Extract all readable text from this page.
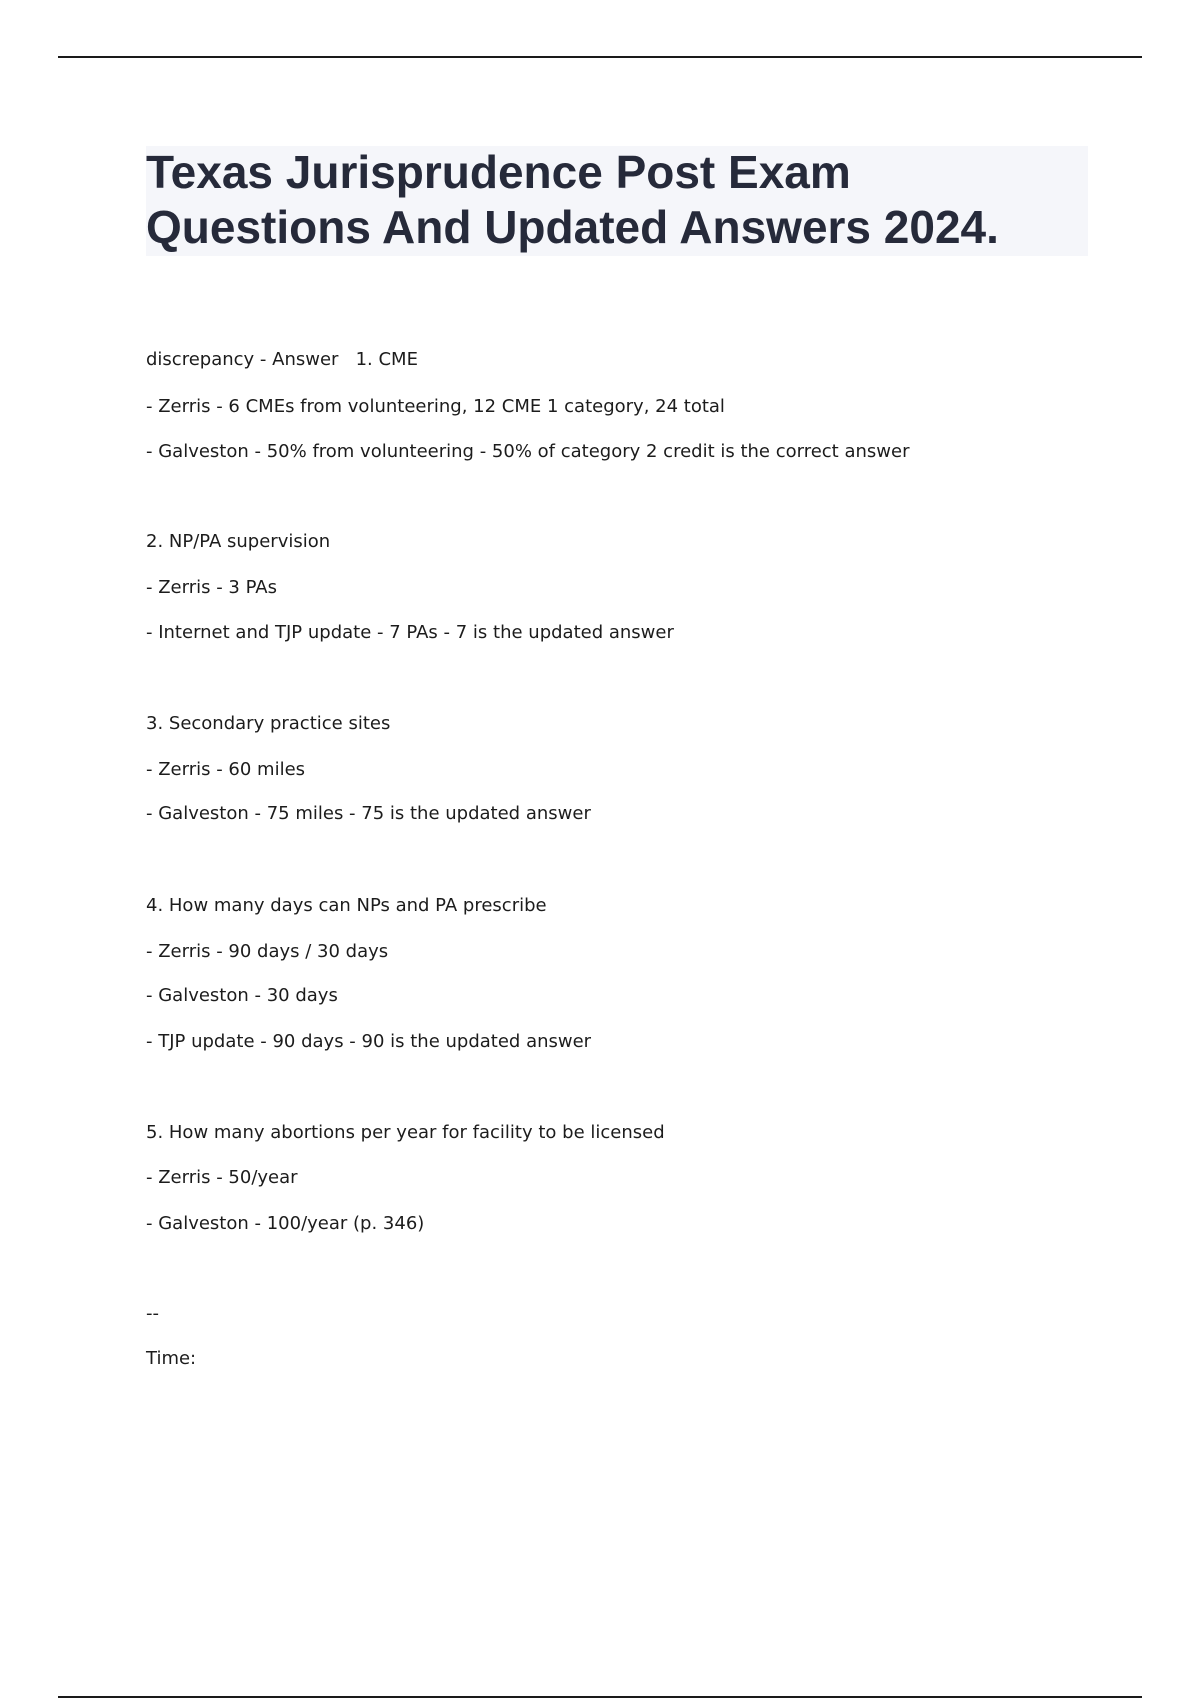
Texas Jurisprudence Post Exam
Questions And Updated Answers 2024.
discrepancy - Answer   1. CME
- Zerris - 6 CMEs from volunteering, 12 CME 1 category, 24 total
- Galveston - 50% from volunteering - 50% of category 2 credit is the correct answer
2. NP/PA supervision
- Zerris - 3 PAs
- Internet and TJP update - 7 PAs - 7 is the updated answer
3. Secondary practice sites
- Zerris - 60 miles
- Galveston - 75 miles - 75 is the updated answer
4. How many days can NPs and PA prescribe
- Zerris - 90 days / 30 days
- Galveston - 30 days
- TJP update - 90 days - 90 is the updated answer
5. How many abortions per year for facility to be licensed
- Zerris - 50/year
- Galveston - 100/year (p. 346)
--
Time:
